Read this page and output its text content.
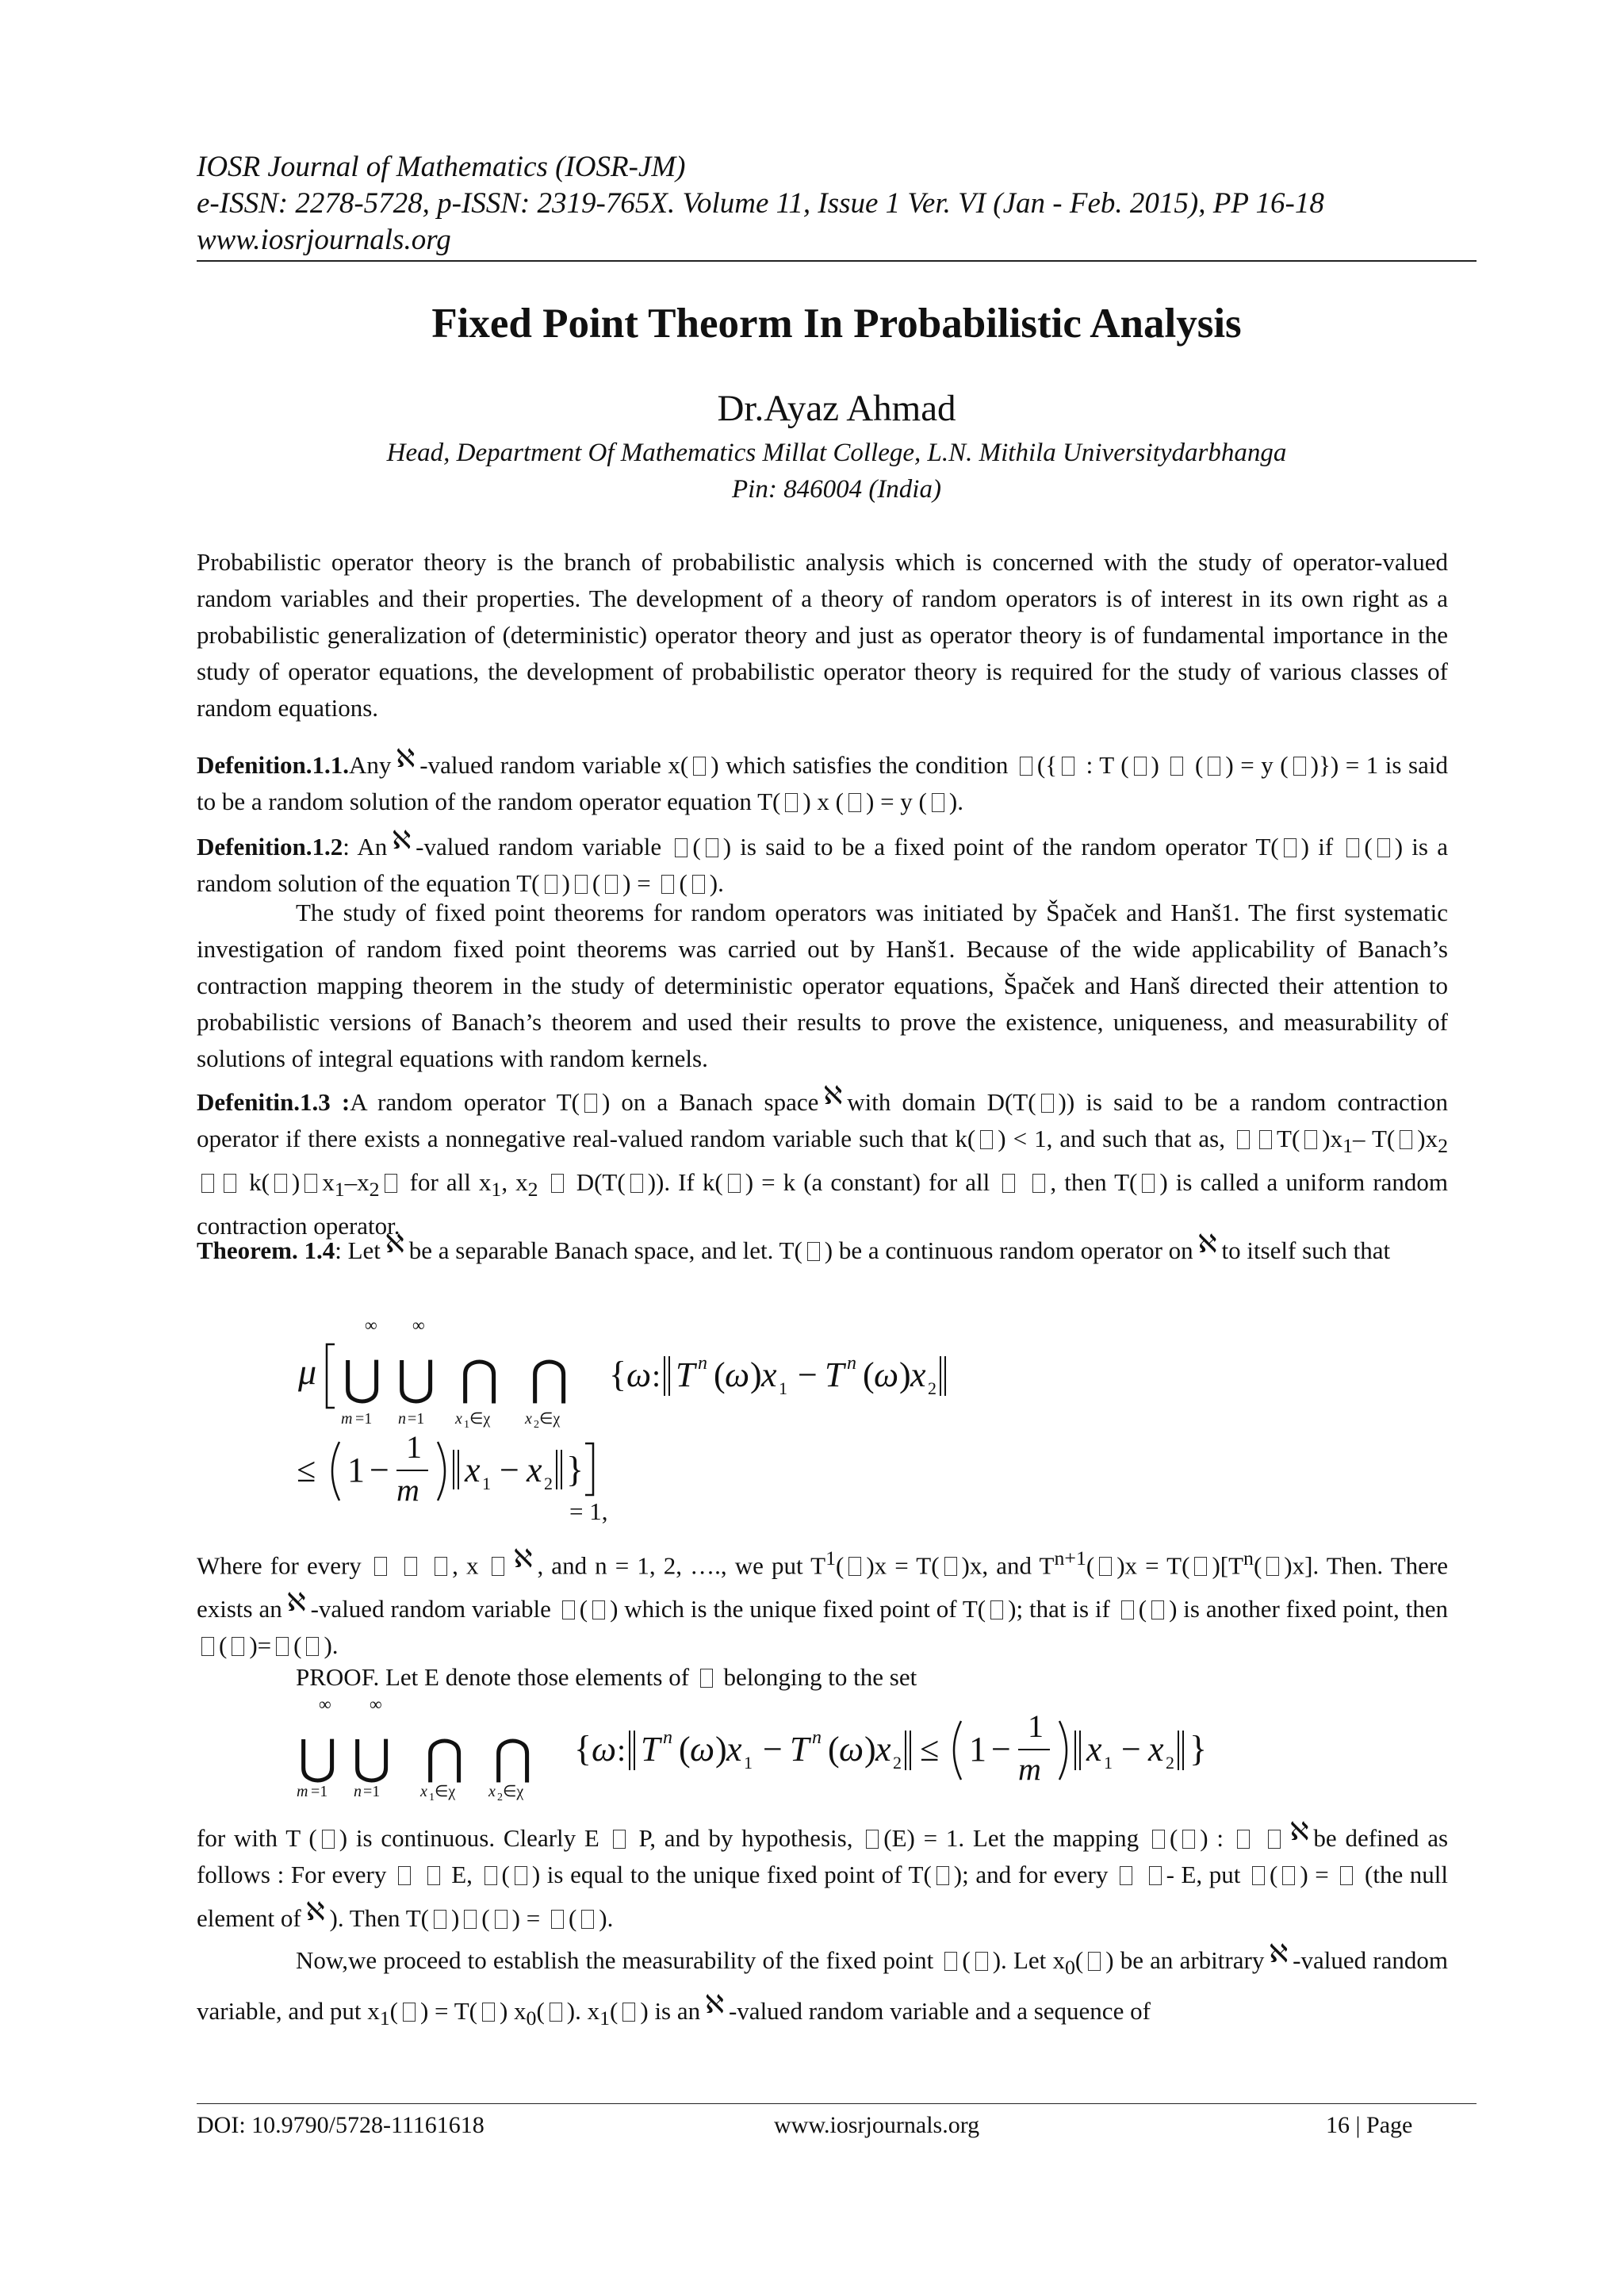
IOSR Journal of Mathematics (IOSR-JM)
e-ISSN: 2278-5728, p-ISSN: 2319-765X. Volume 11, Issue 1 Ver. VI (Jan - Feb. 2015), PP 16-18
www.iosrjournals.org
Fixed Point Theorm In Probabilistic Analysis
Dr.Ayaz Ahmad
Head, Department Of Mathematics Millat College, L.N. Mithila Universitydarbhanga
Pin: 846004 (India)
Probabilistic operator theory is the branch of probabilistic analysis which is concerned with the study of operator-valued random variables and their properties. The development of a theory of random operators is of interest in its own right as a probabilistic generalization of (deterministic) operator theory and just as operator theory is of fundamental importance in the study of operator equations, the development of probabilistic operator theory is required for the study of various classes of random equations.
Defenition.1.1.Any ℵ -valued random variable x( ) which satisfies the condition ({ : T ( )  ( ) = y ( )}) = 1 is said to be a random solution of the random operator equation T( ) x ( ) = y ( ).
Defenition.1.2: An ℵ -valued random variable ( ) is said to be a fixed point of the random operator T( ) if ( ) is a random solution of the equation T( ) ( ) = ( ).
The study of fixed point theorems for random operators was initiated by Špaček and Hanš1. The first systematic investigation of random fixed point theorems was carried out by Hanš1. Because of the wide applicability of Banach’s contraction mapping theorem in the study of deterministic operator equations, Špaček and Hanš directed their attention to probabilistic versions of Banach’s theorem and used their results to prove the existence, uniqueness, and measurability of solutions of integral equations with random kernels.
Defenitin.1.3 :A random operator T( ) on a Banach space ℵ with domain D(T( )) is said to be a random contraction operator if there exists a nonnegative real-valued random variable such that k( ) < 1, and such that as, T( )$x_1-$ T( )$x_2$ k( ) $x_1-x_2$ for all $x_1$, $x_2$  D(T( )). If k( ) = k (a constant) for all  , then T( ) is called a uniform random contraction operator.
Theorem. 1.4: Let ℵ be a separable Banach space, and let. T( ) be a continuous random operator on ℵ to itself such that
μ
∞
⋃
m =1
∞
⋃
n =1
⋂
x 1 ∈χ
⋂
x 2 ∈χ
{ ω : T n ( ω ) x 1 − T n ( ω ) x 2
≤ 1 −
1
m
x 1 − x 2 }
= 1,
Where for every	, x ℵ , and n = 1, 2, …., we put $T^1$( )x = T( )x, and $T^{n+1}$( )x = T( )[$T^n$( )x]. Then. There exists an ℵ -valued random variable ( ) which is the unique fixed point of T( ); that is if ( ) is another fixed point, then ( )= ( ).
PROOF. Let E denote those elements of  belonging to the set
∞
⋃
m =1
∞
⋃
n =1
⋂
x 1 ∈χ
⋂
x 2 ∈χ
{ ω : T n ( ω ) x 1 − T n ( ω ) x 2 ≤ 1 −
1
m
x 1 − x 2 }
for with T ( ) is continuous. Clearly E  P, and by hypothesis, (E) = 1. Let the mapping ( ) :  ℵ be defined as follows : For every   E, ( ) is equal to the unique fixed point of T( ); and for every  - E, put ( ) =  (the null element of ℵ ). Then T( ) ( ) = ( ).
Now,we proceed to establish the measurability of the fixed point ( ). Let $x_0$( ) be an arbitrary ℵ -valued random variable, and put $x_1$( ) = T( ) $x_0$( ). $x_1$( ) is an ℵ -valued random variable and a sequence of
DOI: 10.9790/5728-11161618	www.iosrjournals.org	16 | Page
